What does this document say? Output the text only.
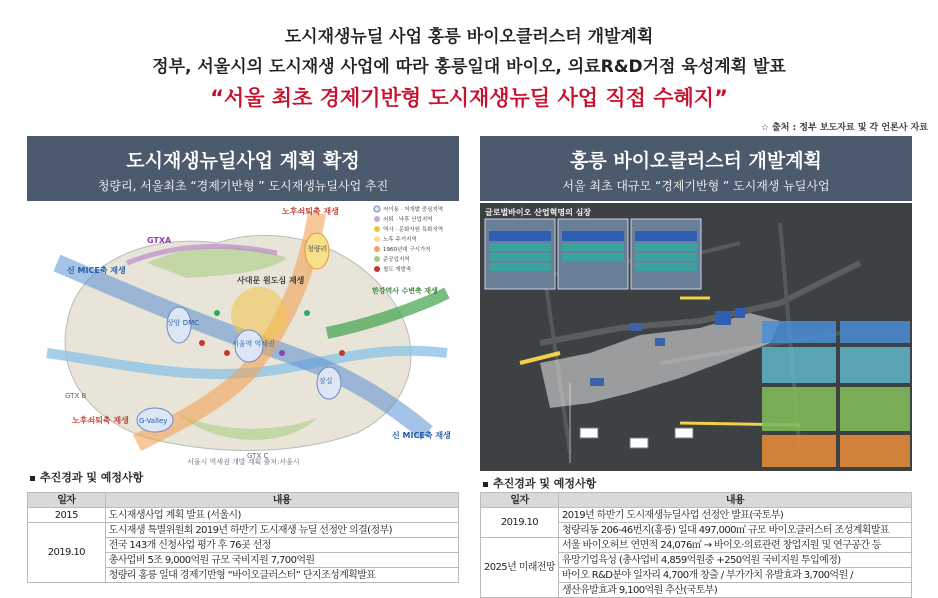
도시재생뉴딜 사업 홍릉 바이오클러스터 개발계획
정부, 서울시의 도시재생 사업에 따라 홍릉일대 바이오, 의료R&D거점 육성계획 발표
“서울 최초 경제기반형 도시재생뉴딜 사업 직접 수혜지”
☆ 출처 : 정부 보도자료 및 각 언론사 자료
도시재생뉴딜사업 계획 확정
청량리, 서울최초 “경제기반형 ” 도시재생뉴딜사업 추진
홍릉 바이오클러스터 개발계획
서울 최초 대규모 “경제기반형 ” 도시재생 뉴딜사업
노후쇠퇴축 재생
GTXA
신 MICE축 재생
청량리
한강역사 수변축 재생
사대문 원도심 재생
서울역 역세권
상암 DMC
GTX B
잠실
G-Valley
노후쇠퇴축 재생
신 MICE축 재생
GTX C
저이용 · 저개발 중심지역
쇠퇴 · 낙후 산업지역
역사 · 문화자원 특화지역
노후 주거지역
1960년대 구시가지
준공업지역
철도 개발축
서울시 역세권 개발 계획 출처:서울시
글로벌바이오 산업혁명의 심장
추진경과 및 예정사항
일자	내용
2015	도시재생사업 계획 발표 (서울시)
2019.10	도시재생 특별위원회 2019년 하반기 도시재생 뉴딜 선정안 의결(정부)
	전국 143개 신청사업 평가 후 76곳 선정
	총사업비 5조 9,000억원 규모 국비지원 7,700억원
	청량리 홍릉 일대 경제기반형 “바이오클러스터” 단지조성계획발표
추진경과 및 예정사항
일자	내용
2019.10	2019년 하반기 도시재생뉴딜사업 선정안 발표(국토부)
	청량리동 206-46번지(홍릉) 일대 497,000㎡ 규모 바이오클러스터 조성계획발표
2025년 미래전망	서울 바이오허브 연면적 24,076㎡ → 바이오·의료관련 창업지원 및 연구공간 등
	유망기업육성 (총사업비 4,859억원중 +250억원 국비지원 투입예정)
	바이오 R&D분야 일자리 4,700개 창출 / 부가가치 유발효과 3,700억원 /
	생산유발효과 9,100억원 추산(국토부)
